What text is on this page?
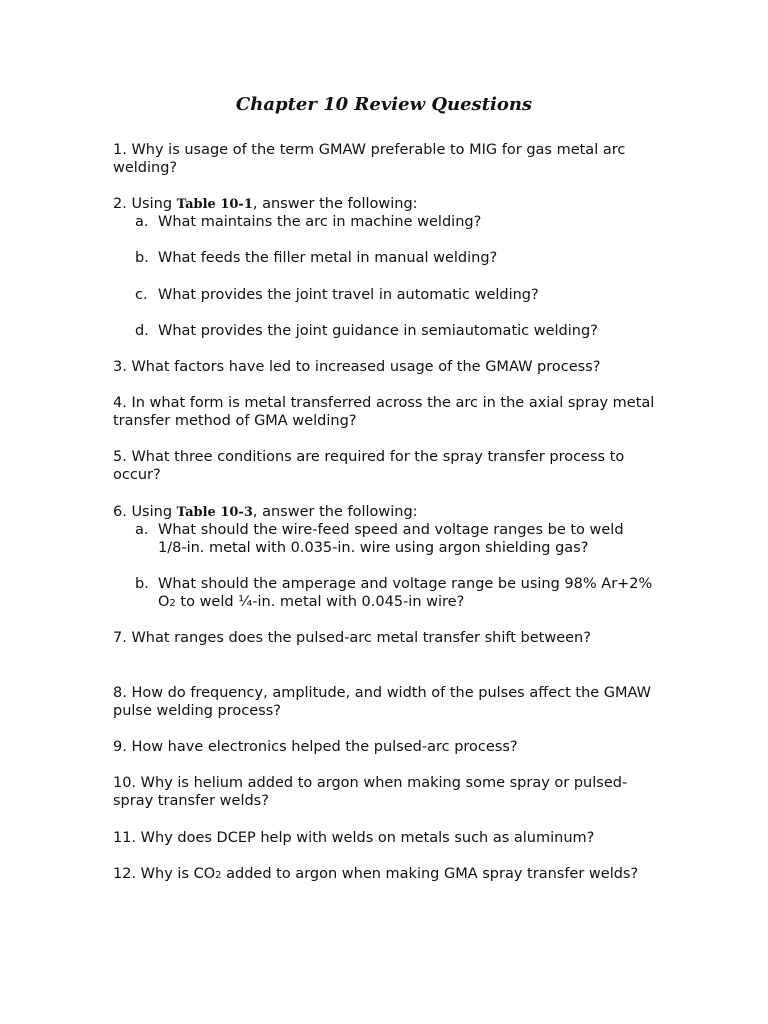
Chapter 10 Review Questions

1. Why is usage of the term GMAW preferable to MIG for gas metal arc welding?

2. Using Table 10-1, answer the following:

a. What maintains the arc in machine welding?
b. What feeds the filler metal in manual welding?
c. What provides the joint travel in automatic welding?
d. What provides the joint guidance in semiautomatic welding?

3. What factors have led to increased usage of the GMAW process?

4. In what form is metal transferred across the arc in the axial spray metal transfer method of GMA welding?

5. What three conditions are required for the spray transfer process to occur?

6. Using Table 10-3, answer the following:

a. What should the wire-feed speed and voltage ranges be to weld 1/8-in. metal with 0.035-in. wire using argon shielding gas?
b. What should the amperage and voltage range be using 98% Ar+2% O2 to weld ¼-in. metal with 0.045-in wire?

7. What ranges does the pulsed-arc metal transfer shift between?

8. How do frequency, amplitude, and width of the pulses affect the GMAW pulse welding process?

9. How have electronics helped the pulsed-arc process?

10. Why is helium added to argon when making some spray or pulsed-spray transfer welds?

11. Why does DCEP help with welds on metals such as aluminum?

12. Why is CO2 added to argon when making GMA spray transfer welds?
